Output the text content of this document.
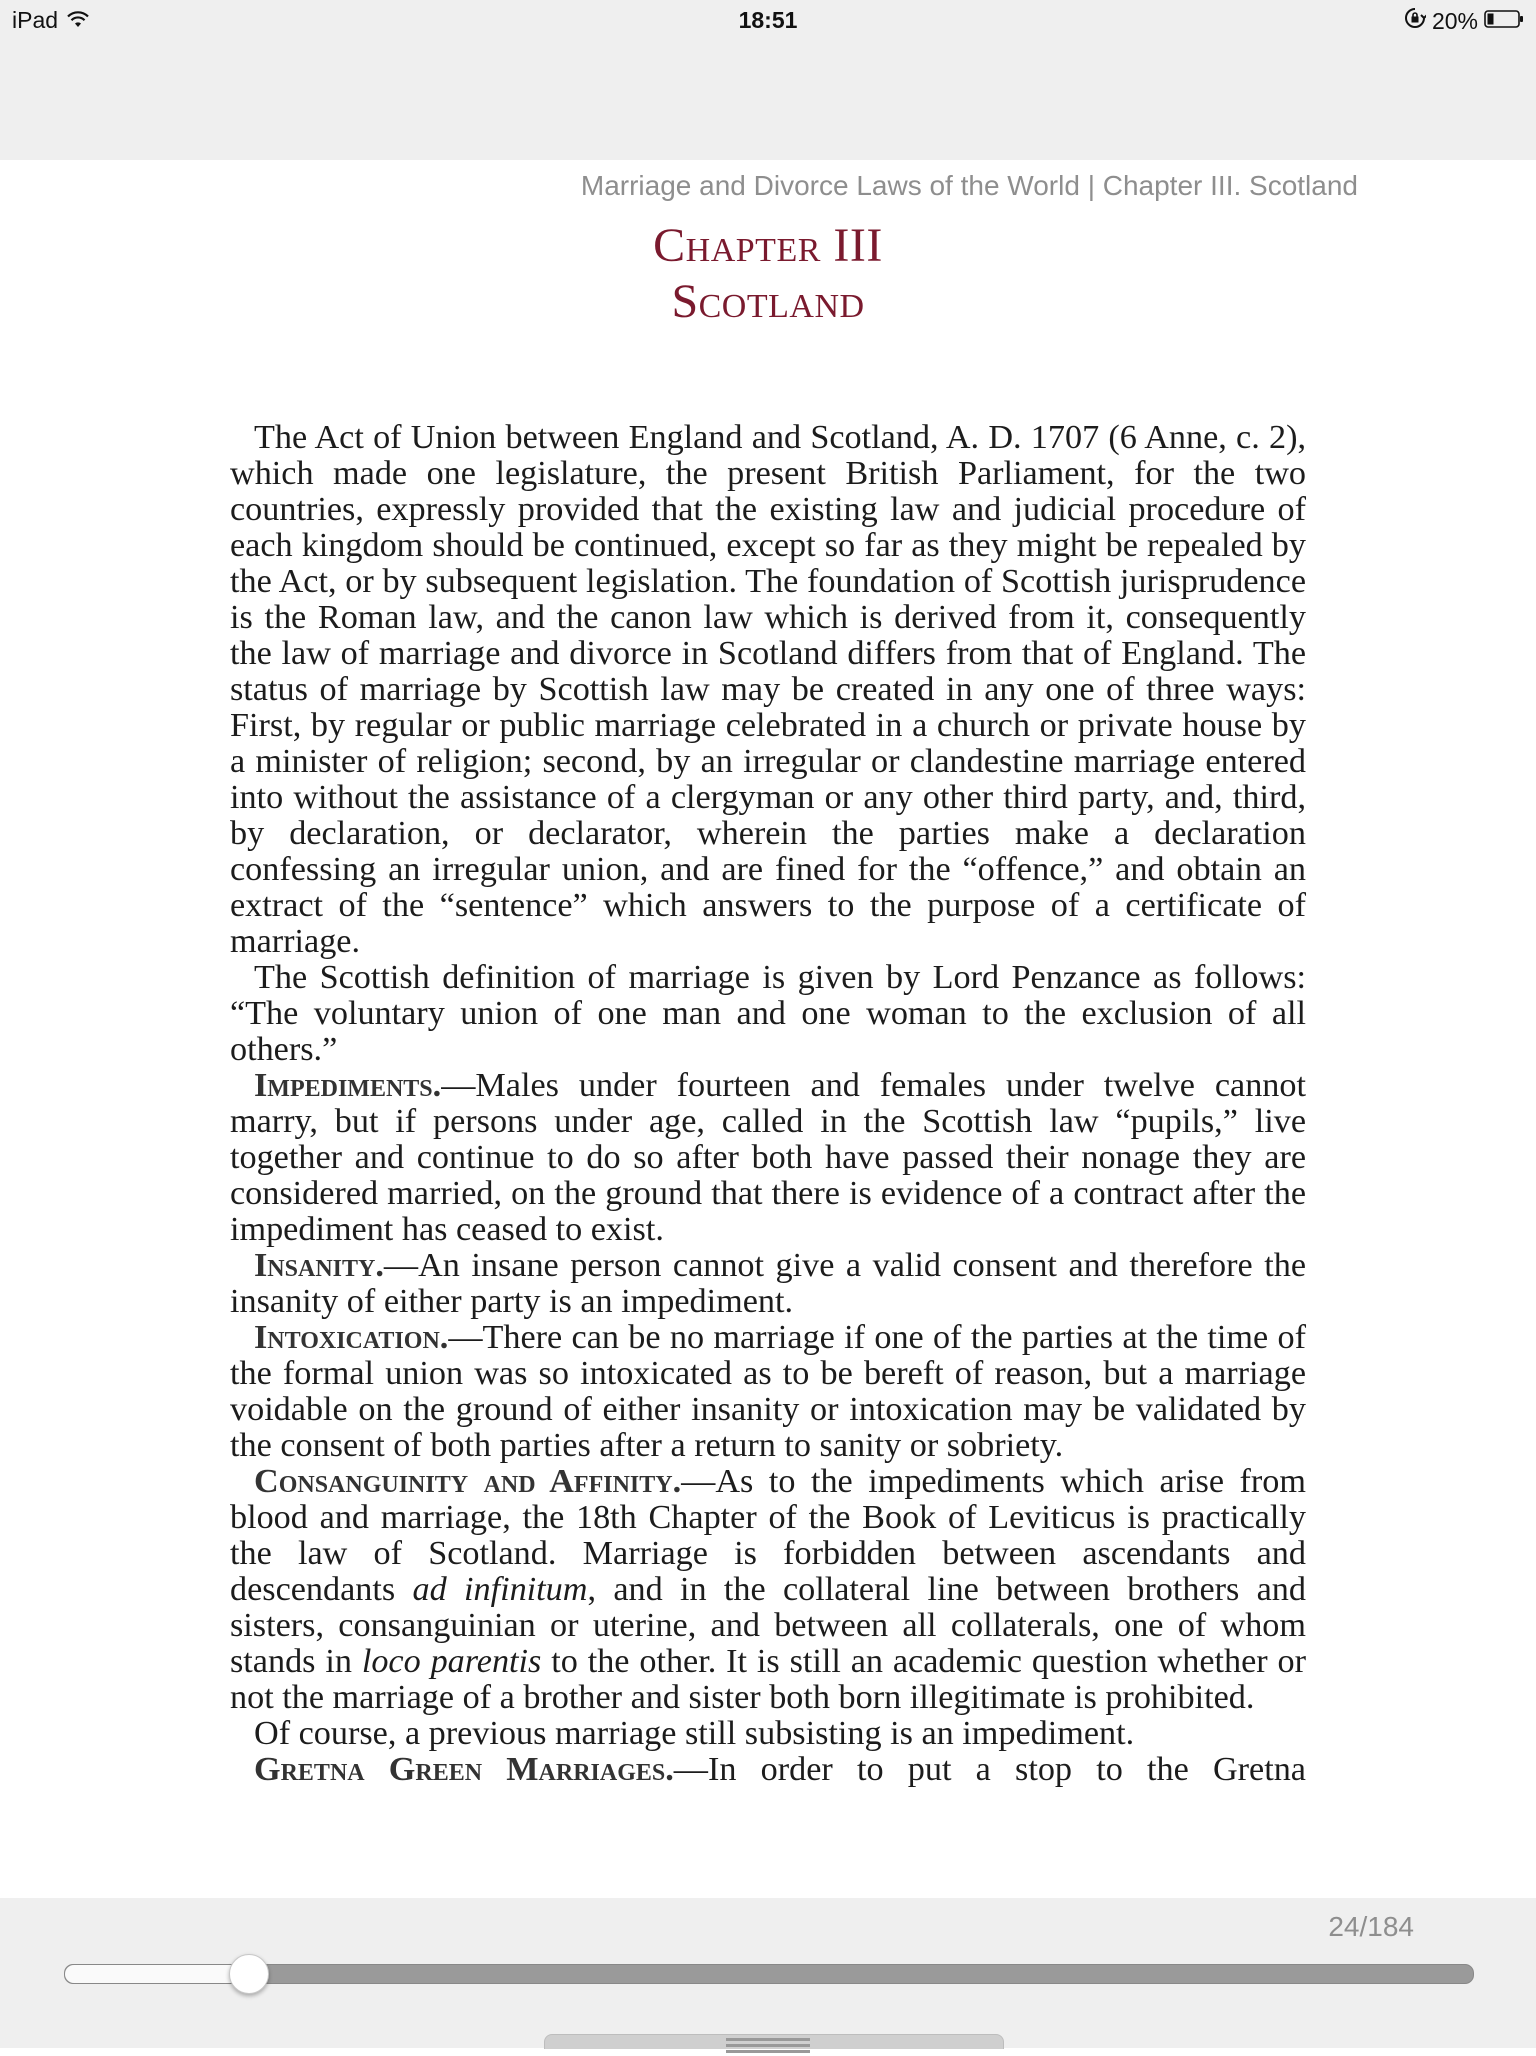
iPad	18:51	20%
Marriage and Divorce Laws of the World | Chapter III. Scotland
Chapter III
Scotland

The Act of Union between England and Scotland, A. D. 1707 (6 Anne, c. 2), which made one legislature, the present British Parliament, for the two countries, expressly provided that the existing law and judicial procedure of each kingdom should be continued, except so far as they might be repealed by the Act, or by subsequent legislation. The foundation of Scottish jurisprudence is the Roman law, and the canon law which is derived from it, consequently the law of marriage and divorce in Scotland differs from that of England. The status of marriage by Scottish law may be created in any one of three ways: First, by regular or public marriage celebrated in a church or private house by a minister of religion; second, by an irregular or clandestine marriage entered into without the assistance of a clergyman or any other third party, and, third, by declaration, or declarator, wherein the parties make a declaration confessing an irregular union, and are fined for the “offence,” and obtain an extract of the “sentence” which answers to the purpose of a certificate of marriage.

The Scottish definition of marriage is given by Lord Penzance as follows: “The voluntary union of one man and one woman to the exclusion of all others.”

Impediments.—Males under fourteen and females under twelve cannot marry, but if persons under age, called in the Scottish law “pupils,” live together and continue to do so after both have passed their nonage they are considered married, on the ground that there is evidence of a contract after the impediment has ceased to exist.

Insanity.—An insane person cannot give a valid consent and therefore the insanity of either party is an impediment.

Intoxication.—There can be no marriage if one of the parties at the time of the formal union was so intoxicated as to be bereft of reason, but a marriage voidable on the ground of either insanity or intoxication may be validated by the consent of both parties after a return to sanity or sobriety.

Consanguinity and Affinity.—As to the impediments which arise from blood and marriage, the 18th Chapter of the Book of Leviticus is practically the law of Scotland. Marriage is forbidden between ascendants and descendants ad infinitum, and in the collateral line between brothers and sisters, consanguinian or uterine, and between all collaterals, one of whom stands in loco parentis to the other. It is still an academic question whether or not the marriage of a brother and sister both born illegitimate is prohibited.

Of course, a previous marriage still subsisting is an impediment.

Gretna Green Marriages.—In order to put a stop to the Gretna

24/184
